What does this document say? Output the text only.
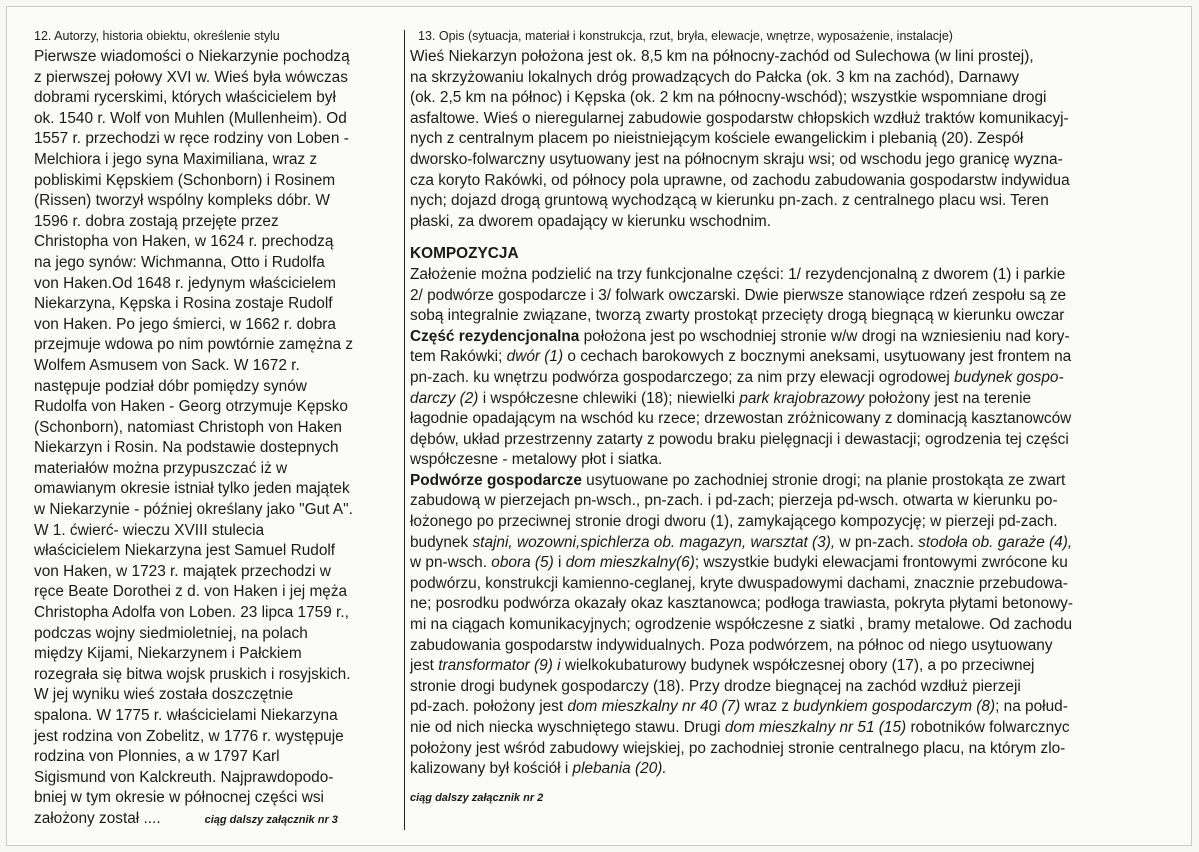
12. Autorzy, historia obiektu, określenie stylu
Pierwsze wiadomości o Niekarzynie pochodzą
z pierwszej połowy XVI w. Wieś była wówczas
dobrami rycerskimi, których właścicielem był
ok. 1540 r. Wolf von Muhlen (Mullenheim). Od
1557 r. przechodzi w ręce rodziny von Loben -
Melchiora i jego syna Maximiliana, wraz z
pobliskimi Kępskiem (Schonborn) i Rosinem
(Rissen) tworzył wspólny kompleks dóbr. W
1596 r. dobra zostają przejęte przez
Christopha von Haken, w 1624 r. prechodzą
na jego synów: Wichmanna, Otto i Rudolfa
von Haken.Od 1648 r. jedynym właścicielem
Niekarzyna, Kępska i Rosina zostaje Rudolf
von Haken. Po jego śmierci, w 1662 r. dobra
przejmuje wdowa po nim powtórnie zamężna z
Wolfem Asmusem von Sack. W 1672 r.
następuje podział dóbr pomiędzy synów
Rudolfa von Haken - Georg otrzymuje Kępsko
(Schonborn), natomiast Christoph von Haken
Niekarzyn i Rosin. Na podstawie dostepnych
materiałów można przypuszczać iż w
omawianym okresie istniał tylko jeden majątek
w Niekarzynie - później określany jako "Gut A".
W 1. ćwierć- wieczu XVIII stulecia
właścicielem Niekarzyna jest Samuel Rudolf
von Haken, w 1723 r. majątek przechodzi w
ręce Beate Dorothei z d. von Haken i jej męża
Christopha Adolfa von Loben. 23 lipca 1759 r.,
podczas wojny siedmioletniej, na polach
między Kijami, Niekarzynem i Pałckiem
rozegrała się bitwa wojsk pruskich i rosyjskich.
W jej wyniku wieś została doszczętnie
spalona. W 1775 r. właścicielami Niekarzyna
jest rodzina von Zobelitz, w 1776 r. występuje
rodzina von Plonnies, a w 1797 Karl
Sigismund von Kalckreuth. Najprawdopodo-
bniej w tym okresie w północnej części wsi
założony został ....	ciąg dalszy załącznik nr 3
13. Opis (sytuacja, materiał i konstrukcja, rzut, bryła, elewacje, wnętrze, wyposażenie, instalacje)
Wieś Niekarzyn położona jest ok. 8,5 km na północny-zachód od Sulechowa (w lini prostej),
na skrzyżowaniu lokalnych dróg prowadzących do Pałcka (ok. 3 km na zachód), Darnawy
(ok. 2,5 km na północ) i Kępska (ok. 2 km na północny-wschód); wszystkie wspomniane drogi
asfaltowe. Wieś o nieregularnej zabudowie gospodarstw chłopskich wzdłuż traktów komunikacyj-
nych z centralnym placem po nieistniejącym kościele ewangelickim i plebanią (20). Zespół
dworsko-folwarczny usytuowany jest na północnym skraju wsi; od wschodu jego granicę wyzna-
cza koryto Rakówki, od północy pola uprawne, od zachodu zabudowania gospodarstw indywidua
nych; dojazd drogą gruntową wychodzącą w kierunku pn-zach. z centralnego placu wsi. Teren
płaski, za dworem opadający w kierunku wschodnim.
KOMPOZYCJA
Założenie można podzielić na trzy funkcjonalne części: 1/ rezydencjonalną z dworem (1) i parkie
2/ podwórze gospodarcze i 3/ folwark owczarski. Dwie pierwsze stanowiące rdzeń zespołu są ze
sobą integralnie związane, tworzą zwarty prostokąt przecięty drogą biegnącą w kierunku owczar
Część rezydencjonalna położona jest po wschodniej stronie w/w drogi na wzniesieniu nad kory-
tem Rakówki; dwór (1) o cechach barokowych z bocznymi aneksami, usytuowany jest frontem na
pn-zach. ku wnętrzu podwórza gospodarczego; za nim przy elewacji ogrodowej budynek gospo-
darczy (2) i współczesne chlewiki (18); niewielki park krajobrazowy położony jest na terenie
łagodnie opadającym na wschód ku rzece; drzewostan zróżnicowany z dominacją kasztanowców
dębów, układ przestrzenny zatarty z powodu braku pielęgnacji i dewastacji; ogrodzenia tej części
współczesne - metalowy płot i siatka.
Podwórze gospodarcze usytuowane po zachodniej stronie drogi; na planie prostokąta ze zwart
zabudową w pierzejach pn-wsch., pn-zach. i pd-zach; pierzeja pd-wsch. otwarta w kierunku po-
łożonego po przeciwnej stronie drogi dworu (1), zamykającego kompozycję; w pierzeji pd-zach.
budynek stajni, wozowni,spichlerza ob. magazyn, warsztat (3), w pn-zach. stodoła ob. garaże (4),
w pn-wsch. obora (5) i dom mieszkalny(6); wszystkie budyki elewacjami frontowymi zwrócone ku
podwórzu, konstrukcji kamienno-ceglanej, kryte dwuspadowymi dachami, znacznie przebudowa-
ne; posrodku podwórza okazały okaz kasztanowca; podłoga trawiasta, pokryta płytami betonowy-
mi na ciągach komunikacyjnych; ogrodzenie współczesne z siatki , bramy metalowe. Od zachodu
zabudowania gospodarstw indywidualnych. Poza podwórzem, na północ od niego usytuowany
jest transformator (9) i wielkokubaturowy budynek współczesnej obory (17), a po przeciwnej
stronie drogi budynek gospodarczy (18). Przy drodze biegnącej na zachód wzdłuż pierzeji
pd-zach. położony jest dom mieszkalny nr 40 (7) wraz z budynkiem gospodarczym (8); na połud-
nie od nich niecka wyschniętego stawu. Drugi dom mieszkalny nr 51 (15) robotników folwarcznyc
położony jest wśród zabudowy wiejskiej, po zachodniej stronie centralnego placu, na którym zlo-
kalizowany był kościół i plebania (20).
ciąg dalszy załącznik nr 2
